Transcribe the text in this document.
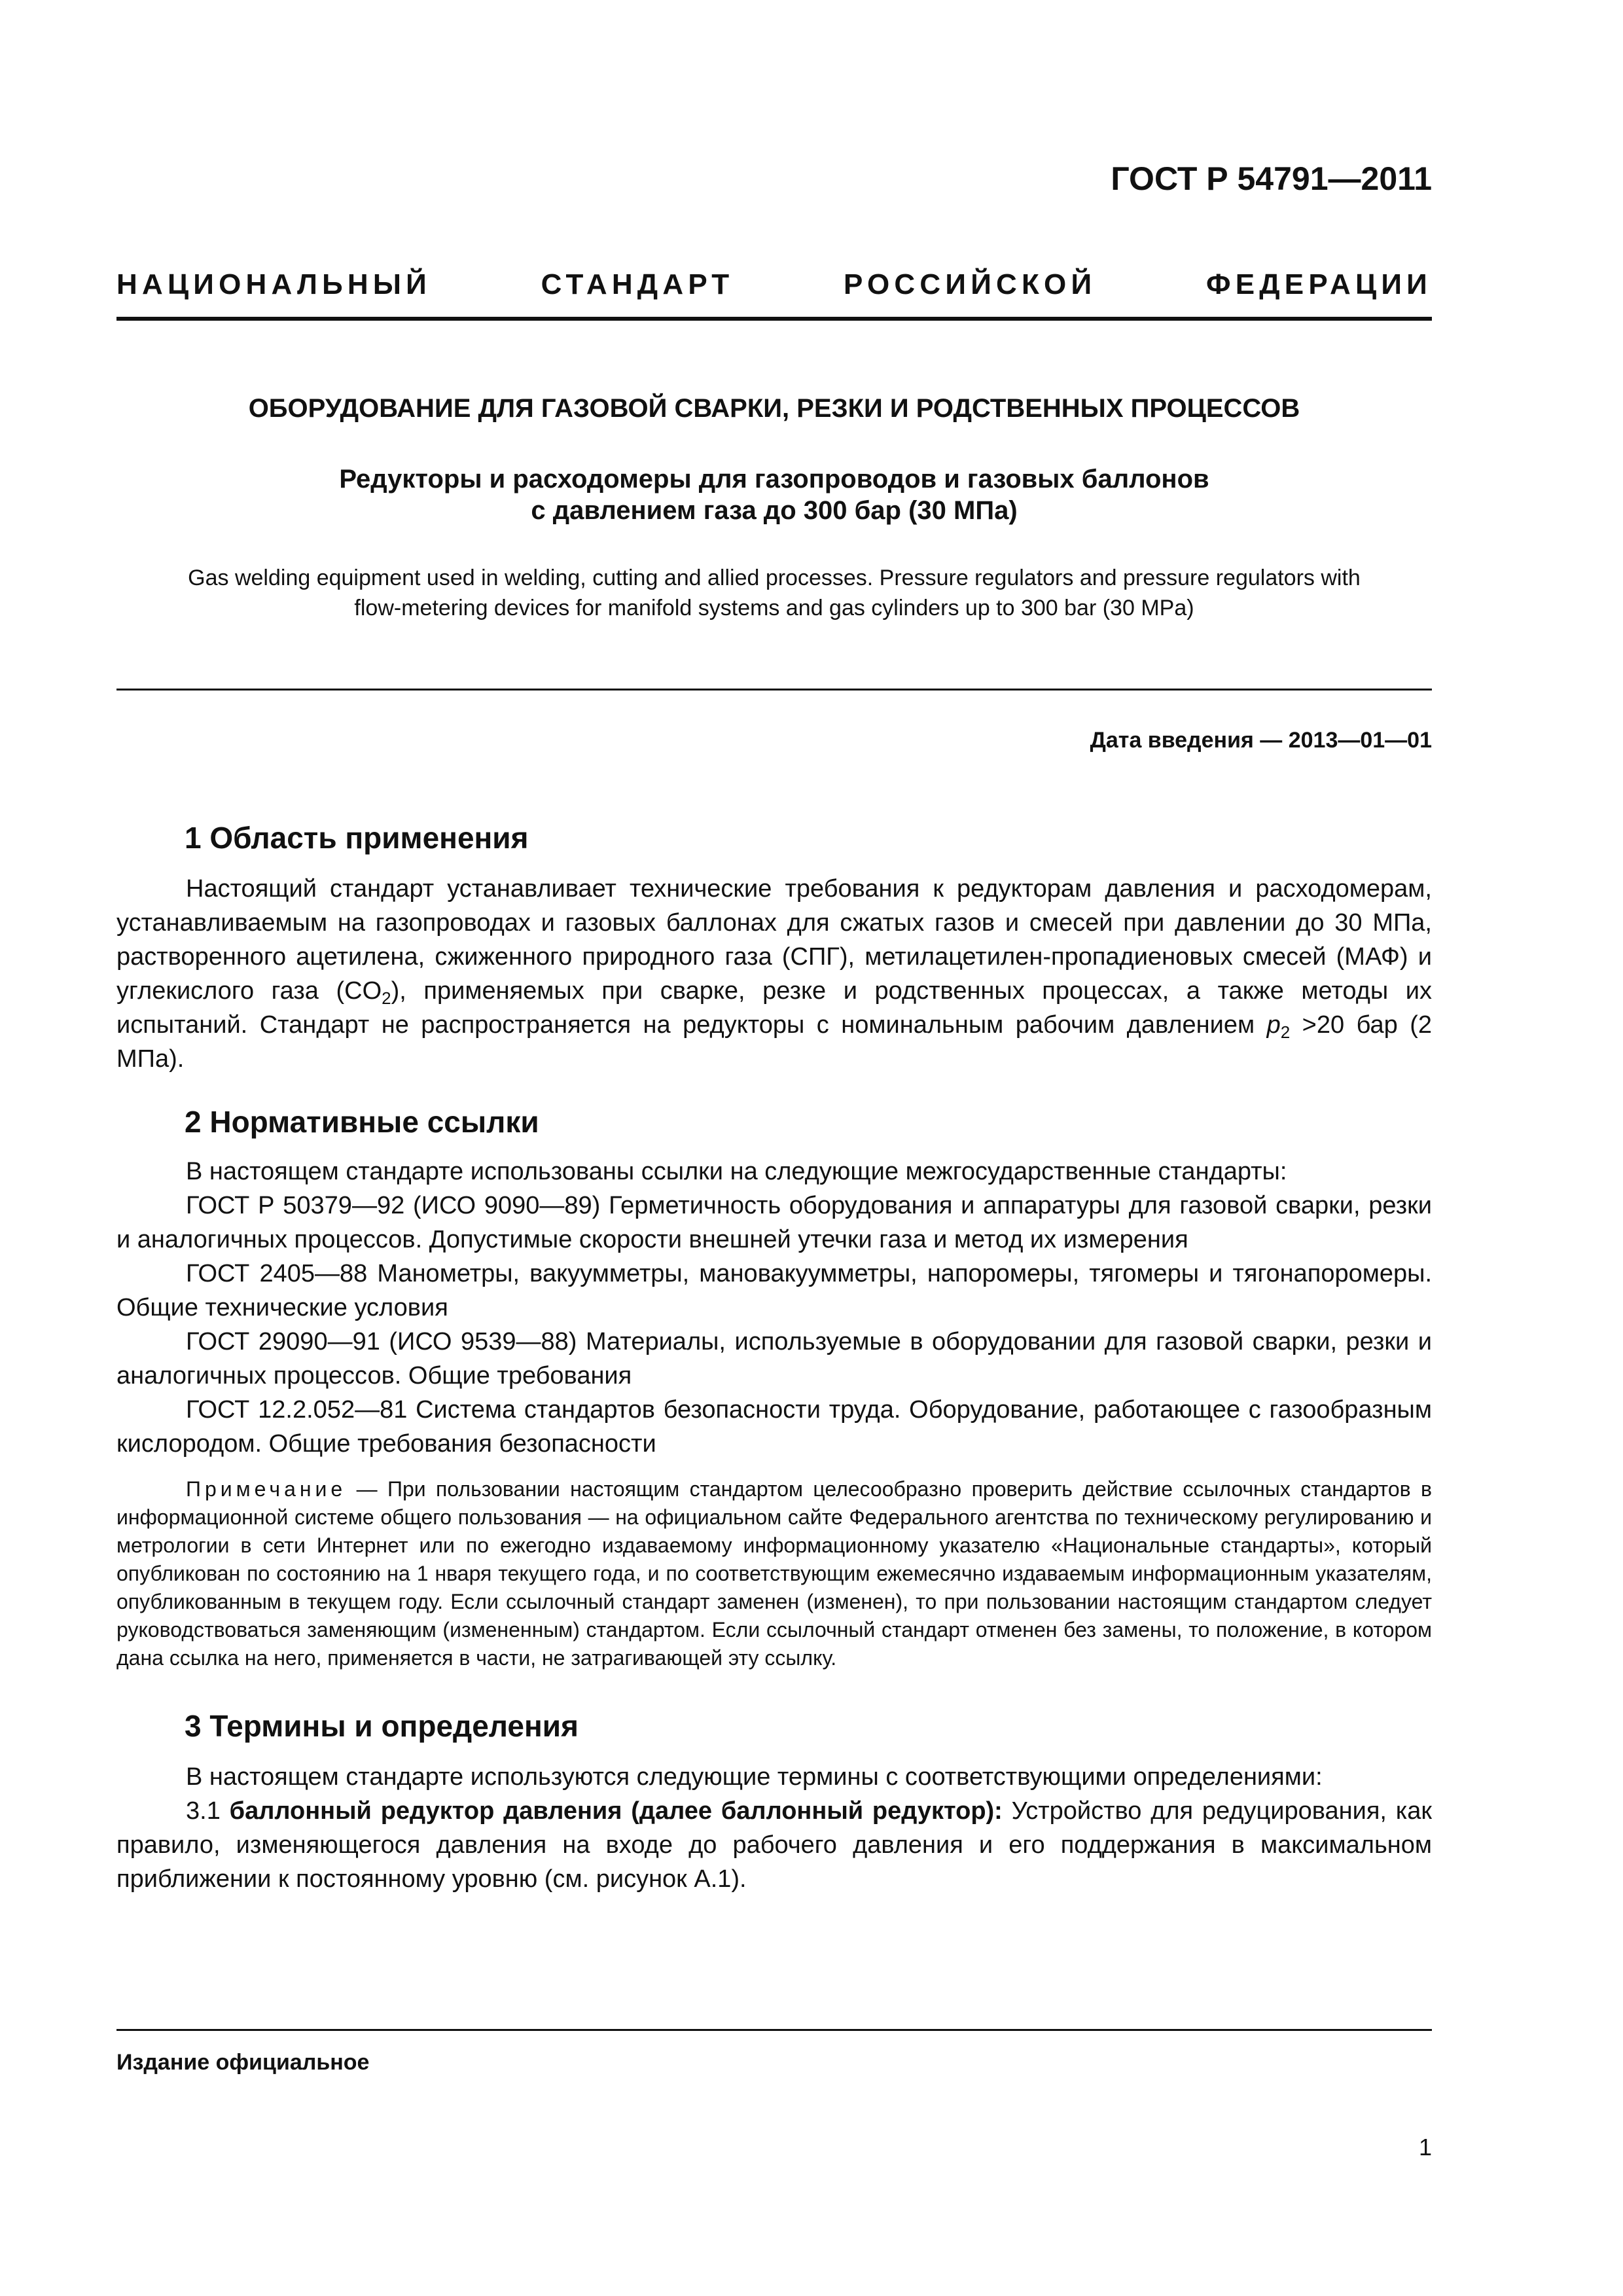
ГОСТ Р 54791—2011
НАЦИОНАЛЬНЫЙ СТАНДАРТ РОССИЙСКОЙ ФЕДЕРАЦИИ
ОБОРУДОВАНИЕ ДЛЯ ГАЗОВОЙ СВАРКИ, РЕЗКИ И РОДСТВЕННЫХ ПРОЦЕССОВ
Редукторы и расходомеры для газопроводов и газовых баллонов
с давлением газа до 300 бар (30 МПа)
Gas welding equipment used in welding, cutting and allied processes. Pressure regulators and pressure regulators with
flow-metering devices for manifold systems and gas cylinders up to 300 bar (30 MPa)
Дата введения — 2013—01—01
1 Область применения

Настоящий стандарт устанавливает технические требования к редукторам давления и расходомерам, устанавливаемым на газопроводах и газовых баллонах для сжатых газов и смесей при давлении до 30 МПа, растворенного ацетилена, сжиженного природного газа (СПГ), метилацетилен-пропадиеновых смесей (МАФ) и углекислого газа $(CO_2)$, применяемых при сварке, резке и родственных процессах, а также методы их испытаний. Стандарт не распространяется на редукторы с номинальным рабочим давлением $p_2 >20$ бар (2 МПа).

2 Нормативные ссылки

В настоящем стандарте использованы ссылки на следующие межгосударственные стандарты:

ГОСТ Р 50379—92 (ИСО 9090—89) Герметичность оборудования и аппаратуры для газовой сварки, резки и аналогичных процессов. Допустимые скорости внешней утечки газа и метод их измерения

ГОСТ 2405—88 Манометры, вакуумметры, мановакуумметры, напоромеры, тягомеры и тягонапоромеры. Общие технические условия

ГОСТ 29090—91 (ИСО 9539—88) Материалы, используемые в оборудовании для газовой сварки, резки и аналогичных процессов. Общие требования

ГОСТ 12.2.052—81 Система стандартов безопасности труда. Оборудование, работающее с газообразным кислородом. Общие требования безопасности

Примечание — При пользовании настоящим стандартом целесообразно проверить действие ссылочных стандартов в информационной системе общего пользования — на официальном сайте Федерального агентства по техническому регулированию и метрологии в сети Интернет или по ежегодно издаваемому информационному указателю «Национальные стандарты», который опубликован по состоянию на 1 нваря текущего года, и по соответствующим ежемесячно издаваемым информационным указателям, опубликованным в текущем году. Если ссылочный стандарт заменен (изменен), то при пользовании настоящим стандартом следует руководствоваться заменяющим (измененным) стандартом. Если ссылочный стандарт отменен без замены, то положение, в котором дана ссылка на него, применяется в части, не затрагивающей эту ссылку.
3 Термины и определения

В настоящем стандарте используются следующие термины с соответствующими определениями:

3.1 баллонный редуктор давления (далее баллонный редуктор): Устройство для редуцирования, как правило, изменяющегося давления на входе до рабочего давления и его поддержания в максимальном приближении к постоянному уровню (см. рисунок А.1).

Издание официальное
1
